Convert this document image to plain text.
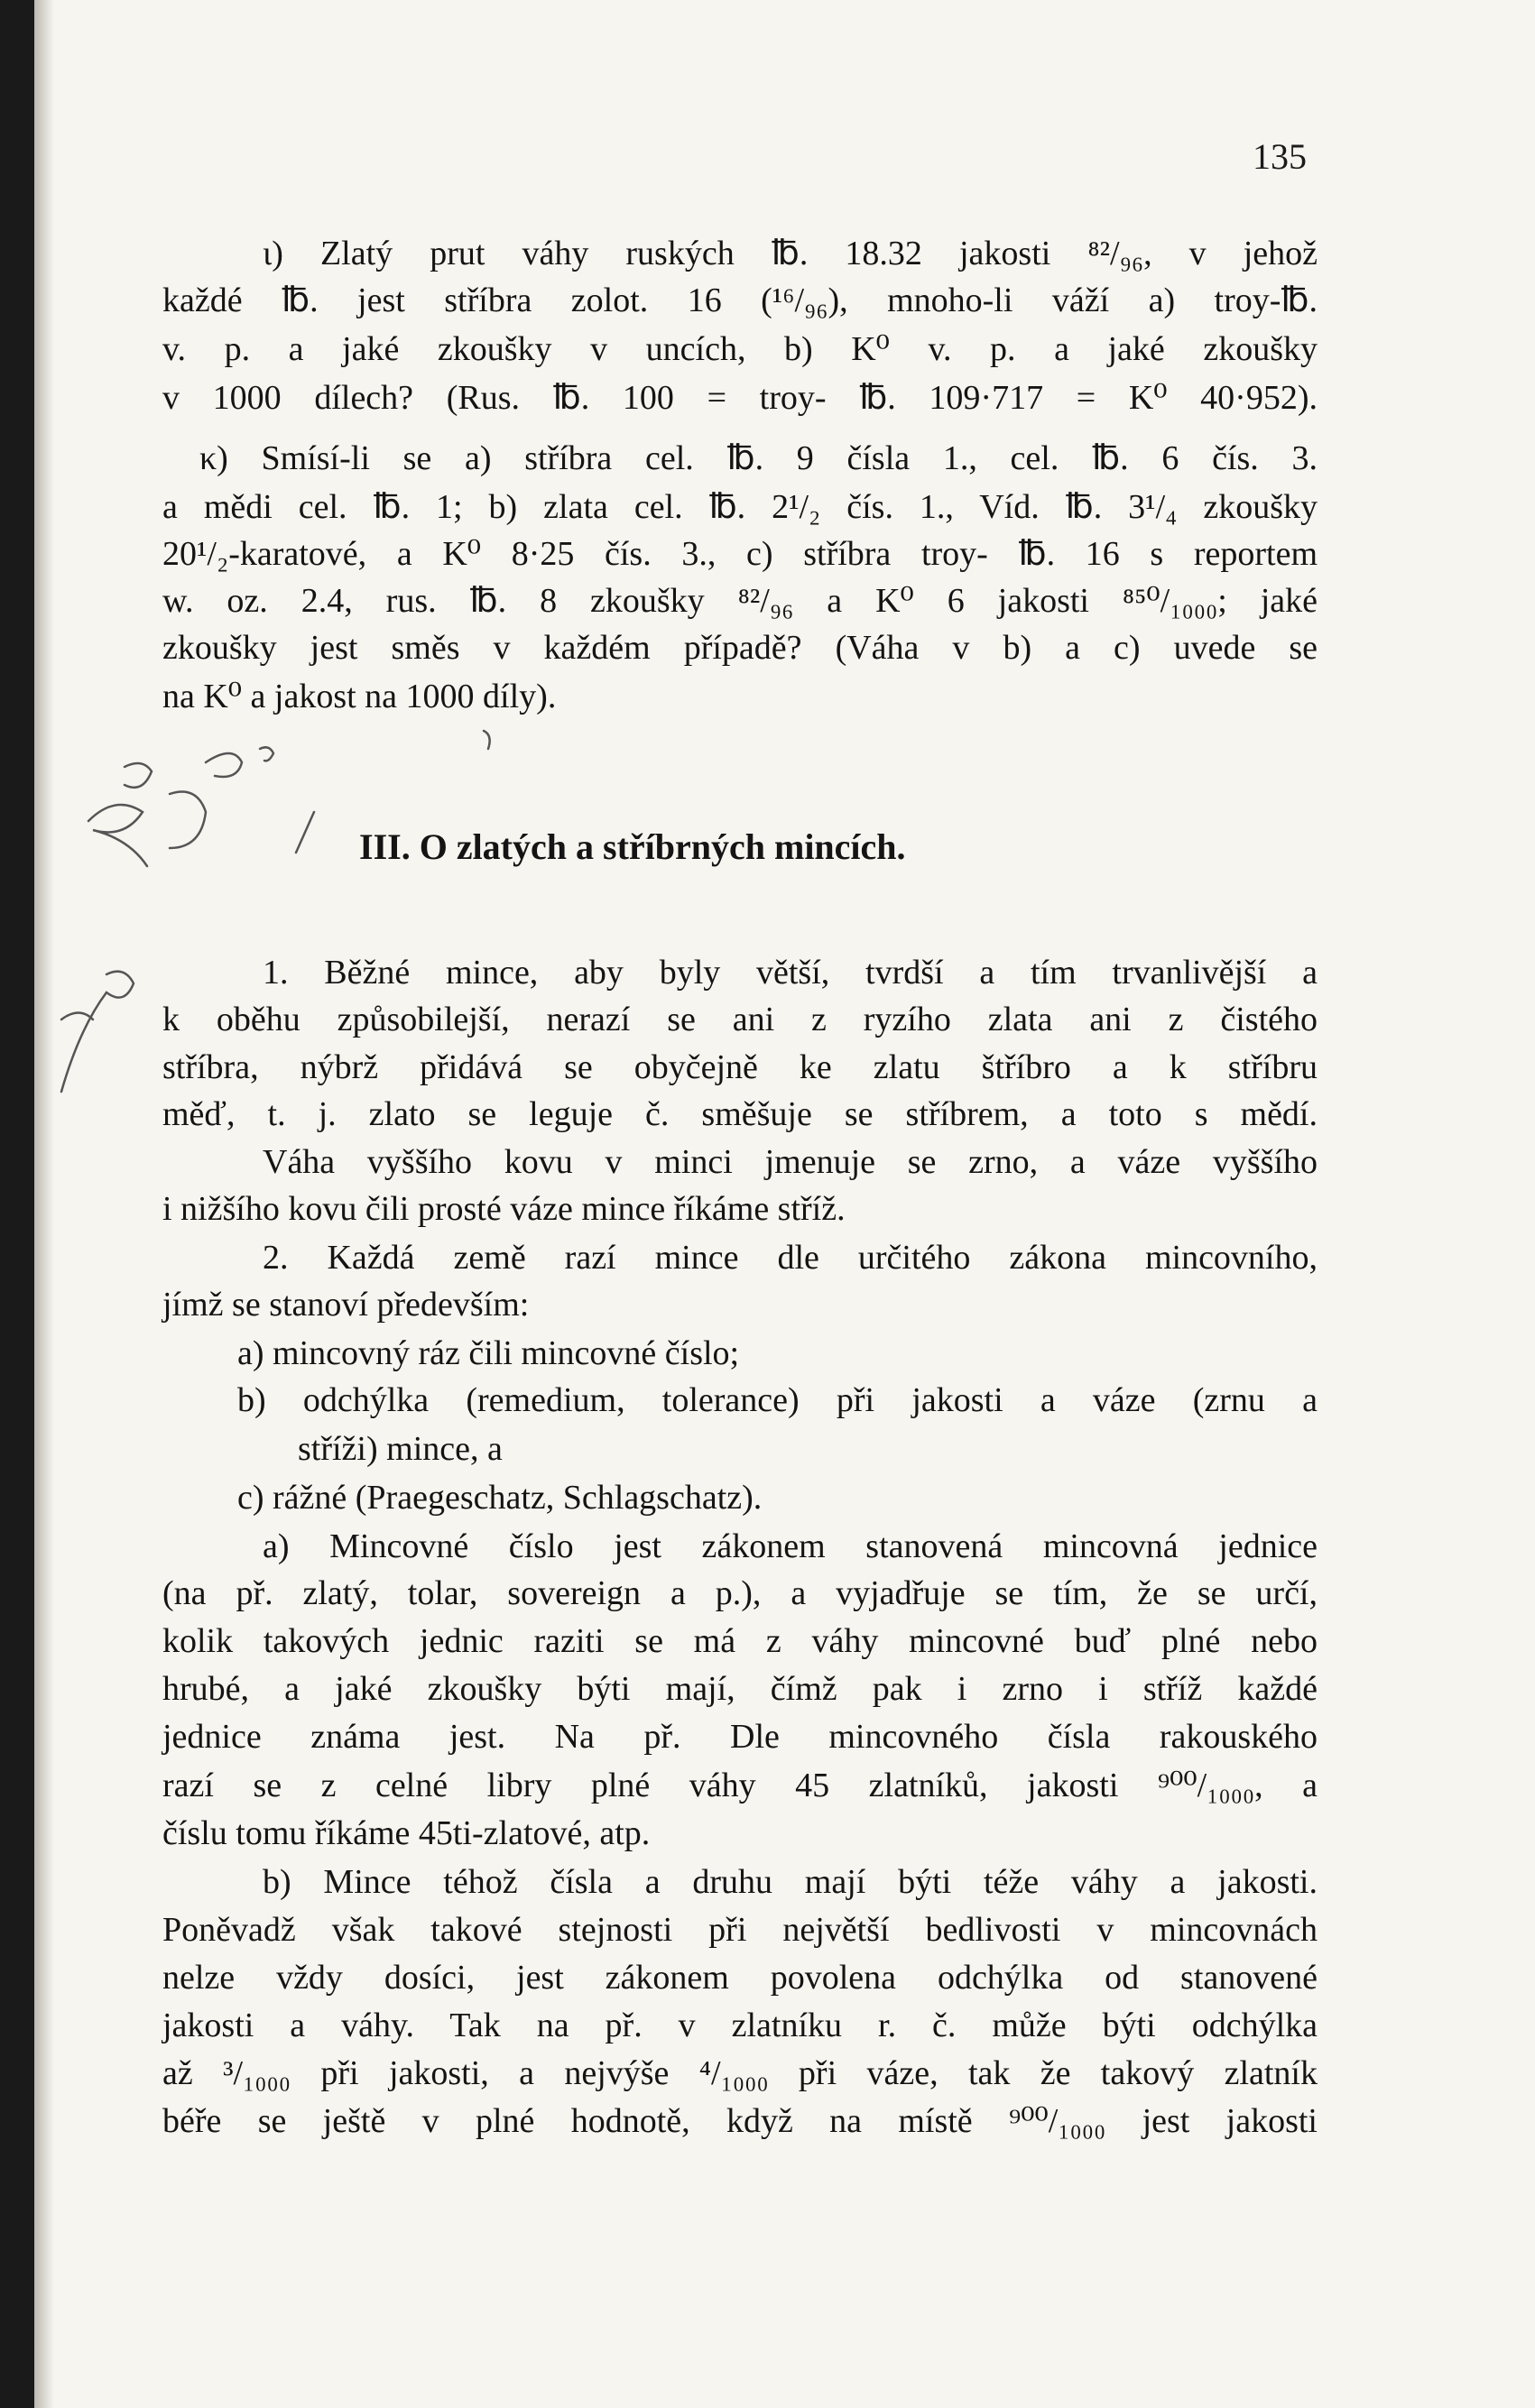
135
ι) Zlatý prut váhy ruských ℔. 18.32 jakosti ⁸²/₉₆, v jehož
každé ℔. jest stříbra zolot. 16 (¹⁶/₉₆), mnoho-li váží a) troy-℔.
v. p. a jaké zkoušky v uncích, b) K⁰ v. p. a jaké zkoušky
v 1000 dílech? (Rus. ℔. 100 = troy- ℔. 109·717 = K⁰ 40·952).
κ) Smísí-li se a) stříbra cel. ℔. 9 čísla 1., cel. ℔. 6 čís. 3.
a mědi cel. ℔. 1; b) zlata cel. ℔. 2¹/₂ čís. 1., Víd. ℔. 3¹/₄ zkoušky
20¹/₂-karatové, a K⁰ 8·25 čís. 3., c) stříbra troy- ℔. 16 s reportem
w. oz. 2.4, rus. ℔. 8 zkoušky ⁸²/₉₆ a K⁰ 6 jakosti ⁸⁵⁰/₁₀₀₀; jaké
zkoušky jest směs v každém případě? (Váha v b) a c) uvede se
na K⁰ a jakost na 1000 díly).
III. O zlatých a stříbrných mincích.
1. Běžné mince, aby byly větší, tvrdší a tím trvanlivější a
k oběhu způsobilejší, nerazí se ani z ryzího zlata ani z čistého
stříbra, nýbrž přidává se obyčejně ke zlatu štříbro a k stříbru
měď, t. j. zlato se leguje č. směšuje se stříbrem, a toto s mědí.
Váha vyššího kovu v minci jmenuje se zrno, a váze vyššího
i nižšího kovu čili prosté váze mince říkáme stříž.
2. Každá země razí mince dle určitého zákona mincovního,
jímž se stanoví především:
a) mincovný ráz čili mincovné číslo;
b) odchýlka (remedium, tolerance) při jakosti a váze (zrnu a
stříži) mince, a
c) rážné (Praegeschatz, Schlagschatz).
a) Mincovné číslo jest zákonem stanovená mincovná jednice
(na př. zlatý, tolar, sovereign a p.), a vyjadřuje se tím, že se určí,
kolik takových jednic raziti se má z váhy mincovné buď plné nebo
hrubé, a jaké zkoušky býti mají, čímž pak i zrno i stříž každé
jednice známa jest. Na př. Dle mincovného čísla rakouského
razí se z celné libry plné váhy 45 zlatníků, jakosti ⁹⁰⁰/₁₀₀₀, a
číslu tomu říkáme 45ti-zlatové, atp.
b) Mince téhož čísla a druhu mají býti téže váhy a jakosti.
Poněvadž však takové stejnosti při největší bedlivosti v mincovnách
nelze vždy dosíci, jest zákonem povolena odchýlka od stanovené
jakosti a váhy. Tak na př. v zlatníku r. č. může býti odchýlka
až ³/₁₀₀₀ při jakosti, a nejvýše ⁴/₁₀₀₀ při váze, tak že takový zlatník
béře se ještě v plné hodnotě, když na místě ⁹⁰⁰/₁₀₀₀ jest jakosti
